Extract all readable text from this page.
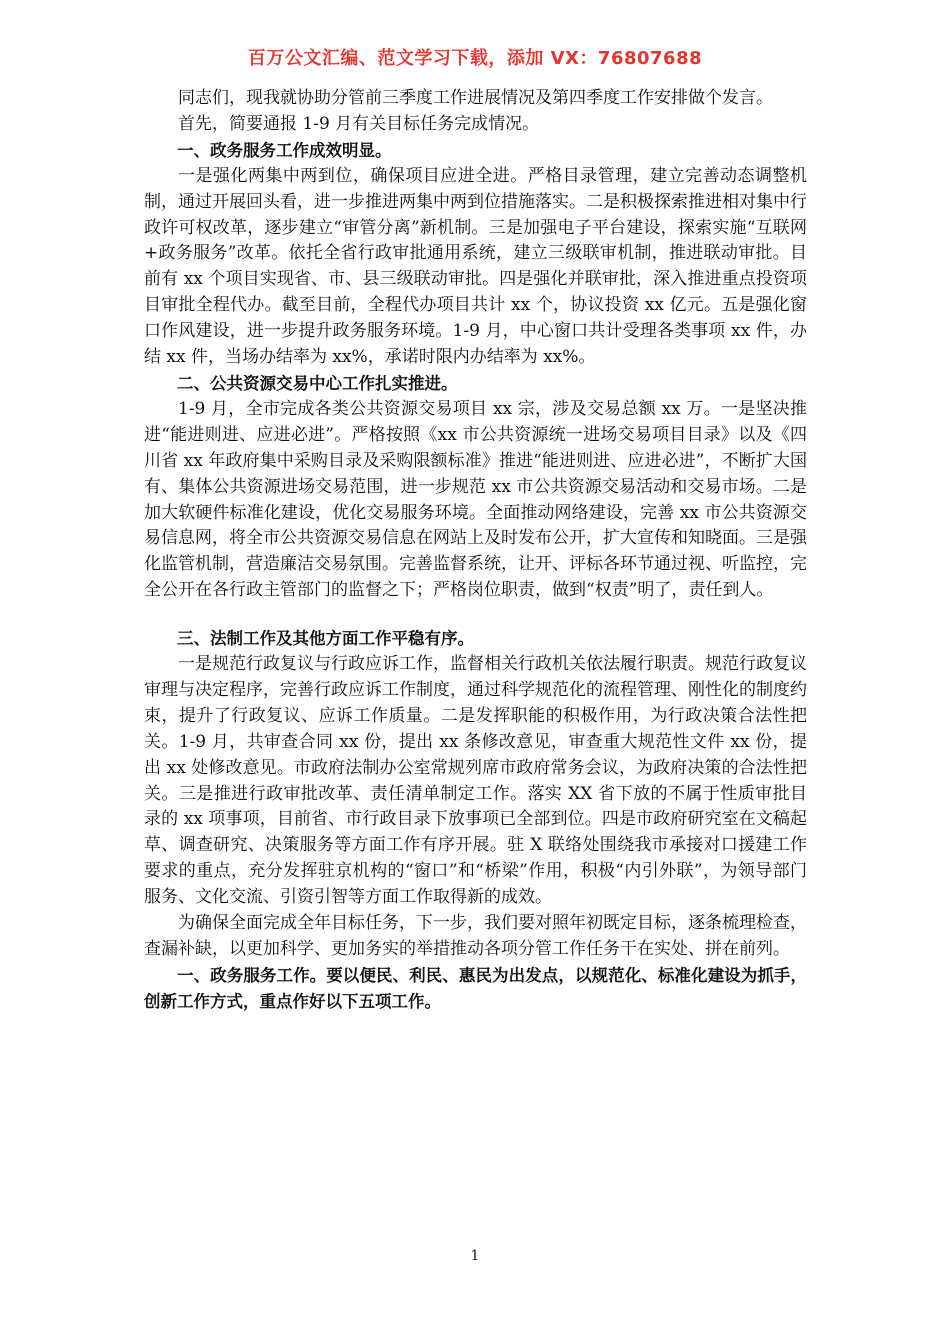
百万公文汇编、范文学习下载，添加 VX：76807688

同志们，现我就协助分管前三季度工作进展情况及第四季度工作安排做个发言。

首先，简要通报 1-9 月有关目标任务完成情况。

一、政务服务工作成效明显。

一是强化两集中两到位，确保项目应进全进。严格目录管理，建立完善动态调整机制，通过开展回头看，进一步推进两集中两到位措施落实。二是积极探索推进相对集中行政许可权改革，逐步建立“审管分离”新机制。三是加强电子平台建设，探索实施“互联网+政务服务”改革。依托全省行政审批通用系统，建立三级联审机制，推进联动审批。目前有 xx 个项目实现省、市、县三级联动审批。四是强化并联审批，深入推进重点投资项目审批全程代办。截至目前，全程代办项目共计 xx 个，协议投资 xx 亿元。五是强化窗口作风建设，进一步提升政务服务环境。1-9 月，中心窗口共计受理各类事项 xx 件，办结 xx 件，当场办结率为 xx%，承诺时限内办结率为 xx%。

二、公共资源交易中心工作扎实推进。

1-9 月，全市完成各类公共资源交易项目 xx 宗，涉及交易总额 xx 万。一是坚决推进“能进则进、应进必进”。严格按照《xx 市公共资源统一进场交易项目目录》以及《四川省 xx 年政府集中采购目录及采购限额标准》推进“能进则进、应进必进”，不断扩大国有、集体公共资源进场交易范围，进一步规范 xx 市公共资源交易活动和交易市场。二是加大软硬件标准化建设，优化交易服务环境。全面推动网络建设，完善 xx 市公共资源交易信息网，将全市公共资源交易信息在网站上及时发布公开，扩大宣传和知晓面。三是强化监管机制，营造廉洁交易氛围。完善监督系统，让开、评标各环节通过视、听监控，完全公开在各行政主管部门的监督之下；严格岗位职责，做到“权责”明了，责任到人。

三、法制工作及其他方面工作平稳有序。

一是规范行政复议与行政应诉工作，监督相关行政机关依法履行职责。规范行政复议审理与决定程序，完善行政应诉工作制度，通过科学规范化的流程管理、刚性化的制度约束，提升了行政复议、应诉工作质量。二是发挥职能的积极作用，为行政决策合法性把关。1-9 月，共审查合同 xx 份，提出 xx 条修改意见，审查重大规范性文件 xx 份，提出 xx 处修改意见。市政府法制办公室常规列席市政府常务会议，为政府决策的合法性把关。三是推进行政审批改革、责任清单制定工作。落实 XX 省下放的不属于性质审批目录的 xx 项事项，目前省、市行政目录下放事项已全部到位。四是市政府研究室在文稿起草、调查研究、决策服务等方面工作有序开展。驻 X 联络处围绕我市承接对口援建工作要求的重点，充分发挥驻京机构的“窗口”和“桥梁”作用，积极“内引外联”，为领导部门服务、文化交流、引资引智等方面工作取得新的成效。

为确保全面完成全年目标任务，下一步，我们要对照年初既定目标，逐条梳理检查，查漏补缺，以更加科学、更加务实的举措推动各项分管工作任务干在实处、拼在前列。

一、政务服务工作。要以便民、利民、惠民为出发点，以规范化、标准化建设为抓手，创新工作方式，重点作好以下五项工作。

1
